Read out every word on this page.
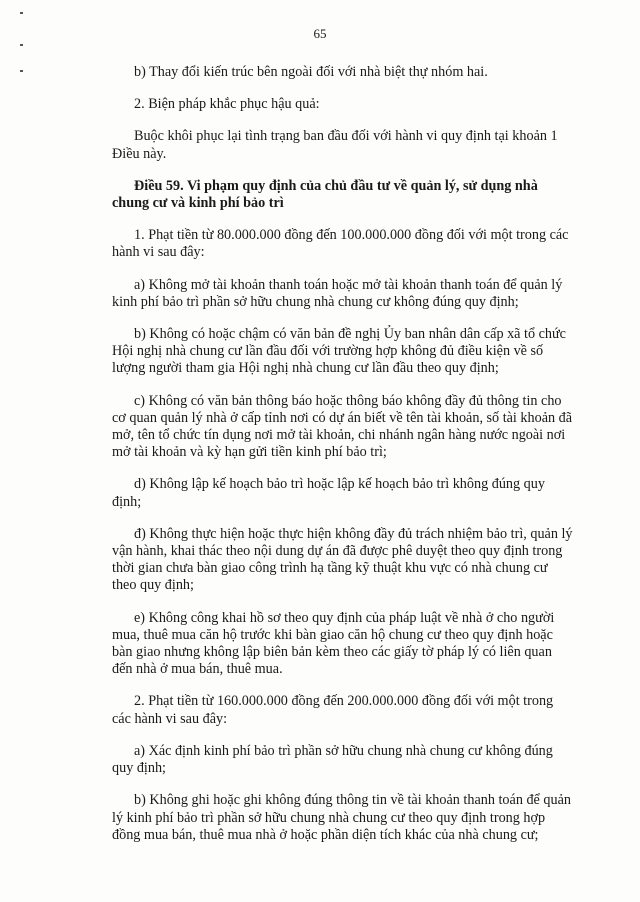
65

b) Thay đổi kiến trúc bên ngoài đối với nhà biệt thự nhóm hai.

2. Biện pháp khắc phục hậu quả:

Buộc khôi phục lại tình trạng ban đầu đối với hành vi quy định tại khoản 1 Điều này.

Điều 59. Vi phạm quy định của chủ đầu tư về quản lý, sử dụng nhà chung cư và kinh phí bảo trì

1. Phạt tiền từ 80.000.000 đồng đến 100.000.000 đồng đối với một trong các hành vi sau đây:

a) Không mở tài khoản thanh toán hoặc mở tài khoản thanh toán để quản lý kinh phí bảo trì phần sở hữu chung nhà chung cư không đúng quy định;

b) Không có hoặc chậm có văn bản đề nghị Ủy ban nhân dân cấp xã tổ chức Hội nghị nhà chung cư lần đầu đối với trường hợp không đủ điều kiện về số lượng người tham gia Hội nghị nhà chung cư lần đầu theo quy định;

c) Không có văn bản thông báo hoặc thông báo không đầy đủ thông tin cho cơ quan quản lý nhà ở cấp tỉnh nơi có dự án biết về tên tài khoản, số tài khoản đã mở, tên tổ chức tín dụng nơi mở tài khoản, chi nhánh ngân hàng nước ngoài nơi mở tài khoản và kỳ hạn gửi tiền kinh phí bảo trì;

d) Không lập kế hoạch bảo trì hoặc lập kế hoạch bảo trì không đúng quy định;

đ) Không thực hiện hoặc thực hiện không đầy đủ trách nhiệm bảo trì, quản lý vận hành, khai thác theo nội dung dự án đã được phê duyệt theo quy định trong thời gian chưa bàn giao công trình hạ tầng kỹ thuật khu vực có nhà chung cư theo quy định;

e) Không công khai hồ sơ theo quy định của pháp luật về nhà ở cho người mua, thuê mua căn hộ trước khi bàn giao căn hộ chung cư theo quy định hoặc bàn giao nhưng không lập biên bản kèm theo các giấy tờ pháp lý có liên quan đến nhà ở mua bán, thuê mua.

2. Phạt tiền từ 160.000.000 đồng đến 200.000.000 đồng đối với một trong các hành vi sau đây:

a) Xác định kinh phí bảo trì phần sở hữu chung nhà chung cư không đúng quy định;

b) Không ghi hoặc ghi không đúng thông tin về tài khoản thanh toán để quản lý kinh phí bảo trì phần sở hữu chung nhà chung cư theo quy định trong hợp đồng mua bán, thuê mua nhà ở hoặc phần diện tích khác của nhà chung cư;
